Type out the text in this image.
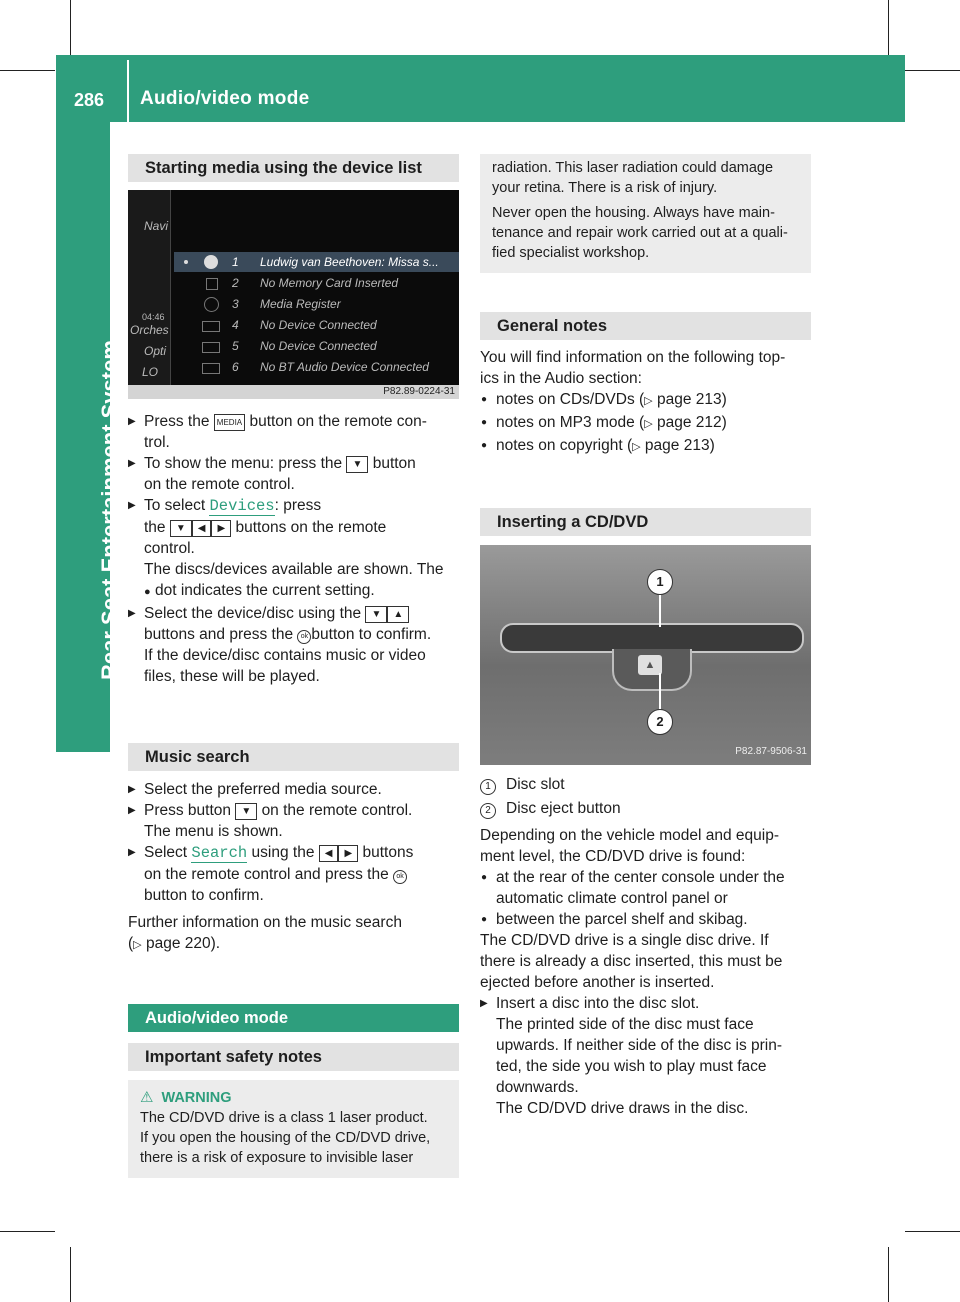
286	Audio/video mode
Rear Seat Entertainment System
Starting media using the device list
Navi
04:46
Orches
Opti
LO
1 Ludwig van Beethoven: Missa s...
2 No Memory Card Inserted
3 Media Register
4 No Device Connected
5 No Device Connected
6 No BT Audio Device Connected
P82.89-0224-31

▶ Press the MEDIA button on the remote con-
trol.

▶ To show the menu: press the ▼ button
on the remote control.

▶ To select Devices: press
the ▼ ◀ ▶ buttons on the remote
control.
The discs/devices available are shown. The
● dot indicates the current setting.

▶ Select the device/disc using the ▼ ▲
buttons and press the ok button to confirm.
If the device/disc contains music or video
files, these will be played.

Music search

▶ Select the preferred media source.

▶ Press button ▼ on the remote control.
The menu is shown.

▶ Select Search using the ◀ ▶ buttons
on the remote control and press the ok
button to confirm.

Further information on the music search

(▷ page 220).

Audio/video mode
Important safety notes
⚠ WARNING
The CD/DVD drive is a class 1 laser product.
If you open the housing of the CD/DVD drive,
there is a risk of exposure to invisible laser
radiation. This laser radiation could damage
your retina. There is a risk of injury.
Never open the housing. Always have main-
tenance and repair work carried out at a quali-
fied specialist workshop.
General notes

You will find information on the following top-

ics in the Audio section:

● notes on CDs/DVDs (▷ page 213)

● notes on MP3 mode (▷ page 212)

● notes on copyright (▷ page 213)

Inserting a CD/DVD
▲
1
2
P82.87-9506-31

1 Disc slot

2 Disc eject button

Depending on the vehicle model and equip-

ment level, the CD/DVD drive is found:

● at the rear of the center console under the
automatic climate control panel or

● between the parcel shelf and skibag.

The CD/DVD drive is a single disc drive. If

there is already a disc inserted, this must be

ejected before another is inserted.

▶ Insert a disc into the disc slot.
The printed side of the disc must face
upwards. If neither side of the disc is prin-
ted, the side you wish to play must face
downwards.
The CD/DVD drive draws in the disc.
